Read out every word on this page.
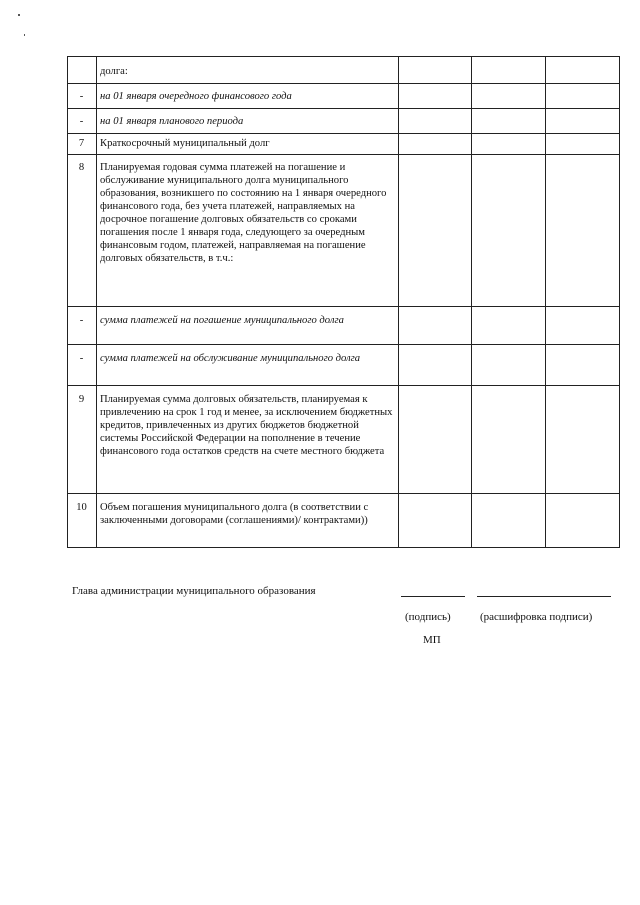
	долга:			
-	на 01 января очередного финансового года			
-	на 01 января планового периода			
7	Краткосрочный муниципальный долг			
8	Планируемая годовая сумма платежей на погашение и обслуживание муниципального долга муниципального образования, возникшего по состоянию на 1 января очередного финансового года, без учета платежей, направляемых на досрочное погашение долговых обязательств со сроками погашения после 1 января года, следующего за очередным финансовым годом, платежей, направляемая на погашение долговых обязательств, в т.ч.:			
-	сумма платежей на погашение муниципального долга			
-	сумма платежей на обслуживание муниципального долга			
9	Планируемая сумма долговых обязательств, планируемая к привлечению на срок 1 год и менее, за исключением бюджетных кредитов, привлеченных из других бюджетов бюджетной системы Российской Федерации на пополнение в течение финансового года остатков средств на счете местного бюджета			
10	Объем погашения муниципального долга (в соответствии с заключенными договорами (соглашениями)/ контрактами))			
Глава администрации муниципального образования
(подпись)	(расшифровка подписи)
МП
